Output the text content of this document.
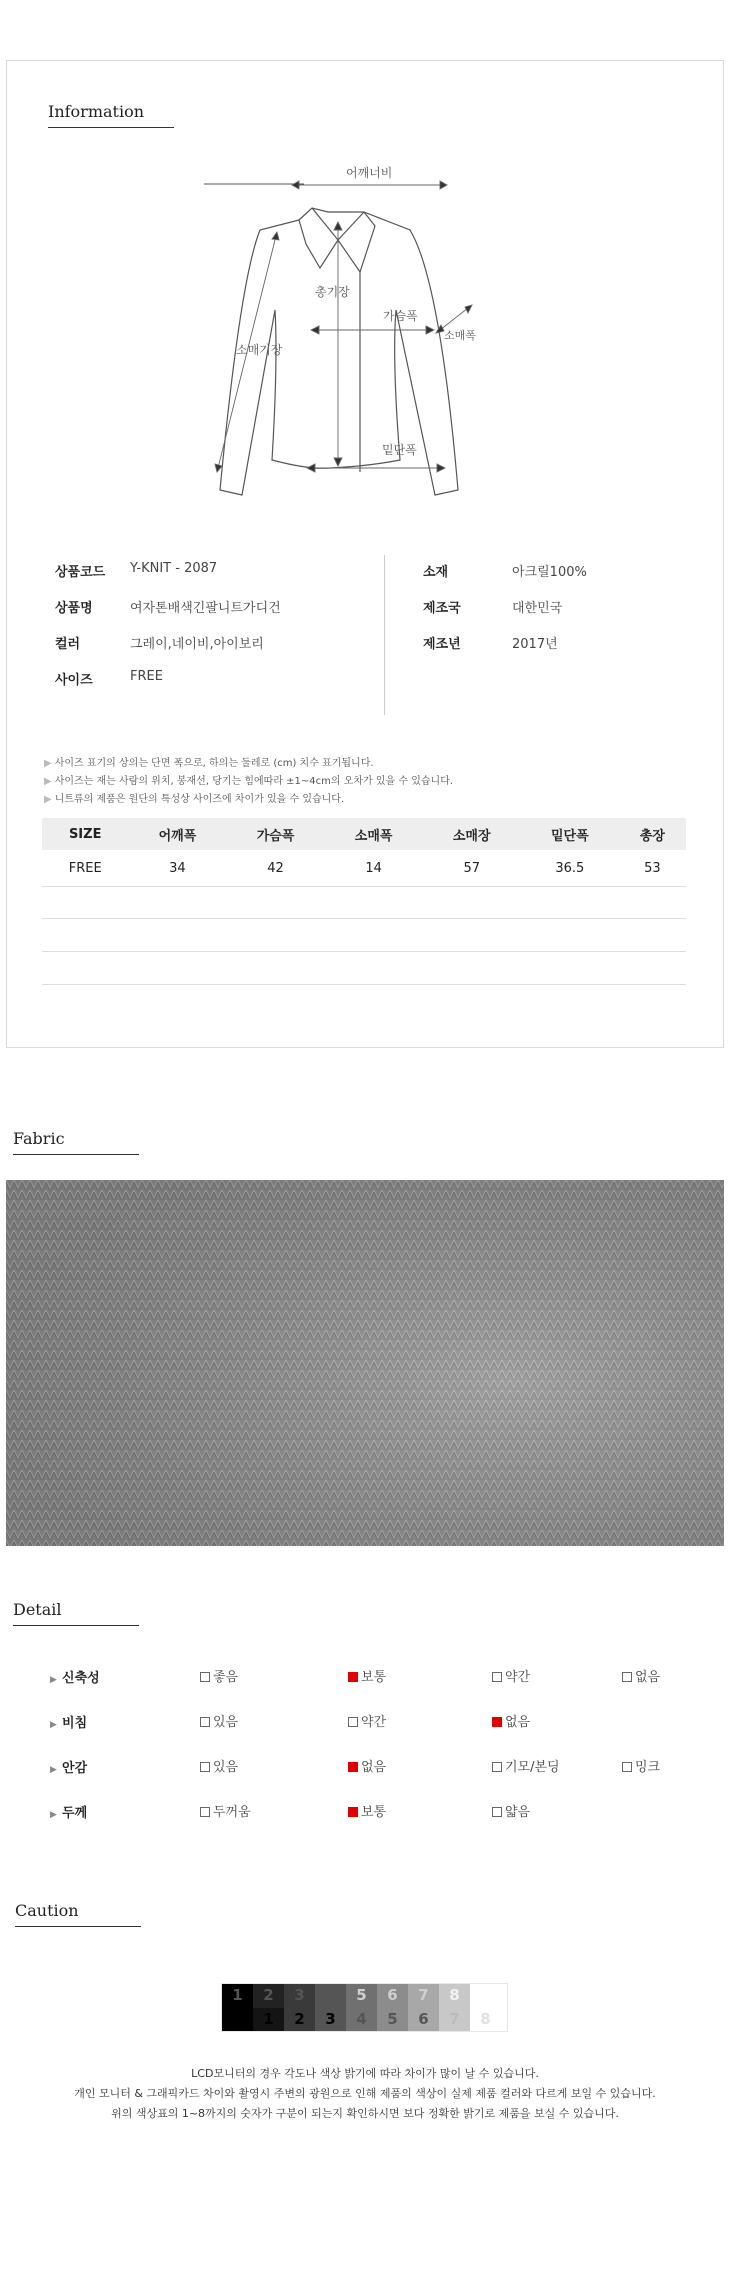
Information
어깨너비
총기장
가슴폭
소매폭
소매기장
밑단폭
상품코드 Y-KNIT - 2087
상품명	여자톤배색긴팔니트가디건
컬러	그레이,네이비,아이보리
사이즈	FREE
소재	아크릴100%
제조국	대한민국
제조년	2017년
▶ 사이즈 표기의 상의는 단면 폭으로, 하의는 둘레로 (cm) 치수 표기됩니다.
▶ 사이즈는 재는 사람의 위치, 봉재선, 당기는 힘에따라 ±1~4cm의 오차가 있을 수 있습니다.
▶ 니트류의 제품은 원단의 특성상 사이즈에 차이가 있을 수 있습니다.
SIZE	어깨폭	가슴폭	소매폭	소매장	밑단폭	총장
FREE	34	42	14	57	36.5	53
Fabric
Detail
▶ 신축성	좋음	보통	약간	없음
▶ 비침	있음	약간	없음
▶ 안감	있음	없음	기모/본딩	밍크
▶ 두께	두꺼움	보통	얇음
Caution
1	2
1
3
2
4
3
5
4
6
5
7
6
8
7	8
LCD모니터의 경우 각도나 색상 밝기에 따라 차이가 많이 날 수 있습니다.
개인 모니터 & 그래픽카드 차이와 촬영시 주변의 광원으로 인해 제품의 색상이 실제 제품 컬러와 다르게 보일 수 있습니다.
위의 색상표의 1~8까지의 숫자가 구분이 되는지 확인하시면 보다 정확한 밝기로 제품을 보실 수 있습니다.
